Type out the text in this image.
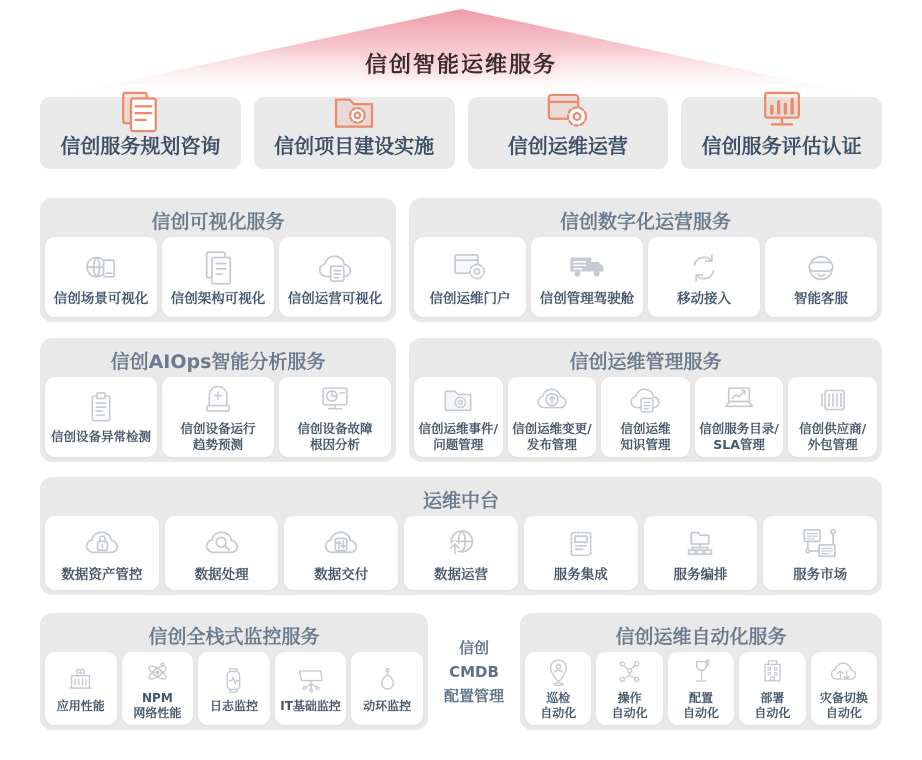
信创智能运维服务
信创服务规划咨询	信创项目建设实施	信创运维运营	信创服务评估认证
信创可视化服务
信创场景可视化 信创架构可视化 信创运营可视化
信创数字化运营服务
信创运维门户 信创管理驾驶舱	移动接入	智能客服
信创AIOps智能分析服务
信创设备异常检测
信创设备运行
趋势预测
信创设备故障
根因分析
信创运维管理服务
信创运维事件/
问题管理
信创运维变更/
发布管理
信创运维
知识管理
信创服务目录/
SLA管理
信创供应商/
外包管理
运维中台
数据资产管控	数据处理	数据交付	数据运营	服务集成	服务编排	服务市场
信创全栈式监控服务
应用性能
NPM
网络性能
日志监控 IT基础监控 动环监控
信创
CMDB
配置管理
信创运维自动化服务
巡检
自动化
操作
自动化
配置
自动化
部署
自动化
灾备切换
自动化
